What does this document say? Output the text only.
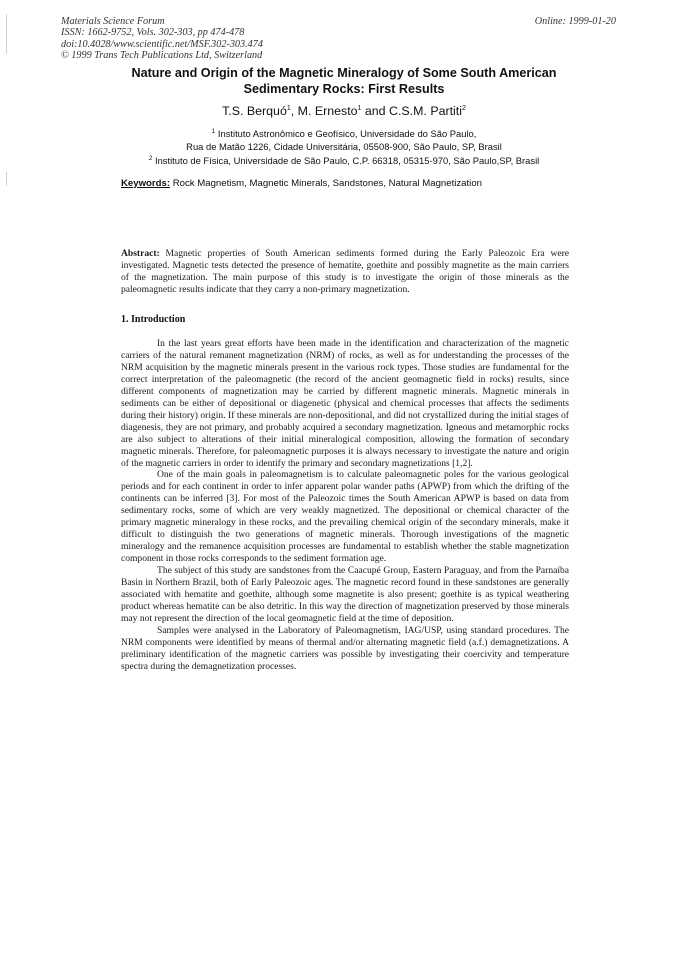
Materials Science Forum
ISSN: 1662-9752, Vols. 302-303, pp 474-478
doi:10.4028/www.scientific.net/MSF.302-303.474
© 1999 Trans Tech Publications Ltd, Switzerland
Online: 1999-01-20
Nature and Origin of the Magnetic Mineralogy of Some South American
Sedimentary Rocks: First Results
T.S. Berquó$^1$, M. Ernesto$^1$ and C.S.M. Partiti$^2$
$^1$ Instituto Astronômico e Geofísico, Universidade do São Paulo,
Rua de Matão 1226, Cidade Universitária, 05508-900, São Paulo, SP, Brasil
$^2$ Instituto de Física, Universidade de São Paulo, C.P. 66318, 05315-970, São Paulo,SP, Brasil
Keywords: Rock Magnetism, Magnetic Minerals, Sandstones, Natural Magnetization
Abstract: Magnetic properties of South American sediments formed during the Early Paleozoic Era were investigated. Magnetic tests detected the presence of hematite, goethite and possibly magnetite as the main carriers of the magnetization. The main purpose of this study is to investigate the origin of those minerals as the paleomagnetic results indicate that they carry a non-primary magnetization.
1. Introduction

In the last years great efforts have been made in the identification and characterization of the magnetic carriers of the natural remanent magnetization (NRM) of rocks, as well as for understanding the processes of the NRM acquisition by the magnetic minerals present in the various rock types. Those studies are fundamental for the correct interpretation of the paleomagnetic (the record of the ancient geomagnetic field in rocks) results, since different components of magnetization may be carried by different magnetic minerals. Magnetic minerals in sediments can be either of depositional or diagenetic (physical and chemical processes that affects the sediments during their history) origin. If these minerals are non-depositional, and did not crystallized during the initial stages of diagenesis, they are not primary, and probably acquired a secondary magnetization. Igneous and metamorphic rocks are also subject to alterations of their initial mineralogical composition, allowing the formation of secondary magnetic minerals. Therefore, for paleomagnetic purposes it is always necessary to investigate the nature and origin of the magnetic carriers in order to identify the primary and secondary magnetizations [1,2].

One of the main goals in paleomagnetism is to calculate paleomagnetic poles for the various geological periods and for each continent in order to infer apparent polar wander paths (APWP) from which the drifting of the continents can be inferred [3]. For most of the Paleozoic times the South American APWP is based on data from sedimentary rocks, some of which are very weakly magnetized. The depositional or chemical character of the primary magnetic mineralogy in these rocks, and the prevailing chemical origin of the secondary minerals, make it difficult to distinguish the two generations of magnetic minerals. Thorough investigations of the magnetic mineralogy and the remanence acquisition processes are fundamental to establish whether the stable magnetization component in those rocks corresponds to the sediment formation age.

The subject of this study are sandstones from the Caacupé Group, Eastern Paraguay, and from the Parnaíba Basin in Northern Brazil, both of Early Paleozoic ages. The magnetic record found in these sandstones are generally associated with hematite and goethite, although some magnetite is also present; goethite is as typical weathering product whereas hematite can be also detritic. In this way the direction of magnetization preserved by those minerals may not represent the direction of the local geomagnetic field at the time of deposition.

Samples were analysed in the Laboratory of Paleomagnetism, IAG/USP, using standard procedures. The NRM components were identified by means of thermal and/or alternating magnetic field (a.f.) demagnetizations. A preliminary identification of the magnetic carriers was possible by investigating their coercivity and temperature spectra during the demagnetization processes.
